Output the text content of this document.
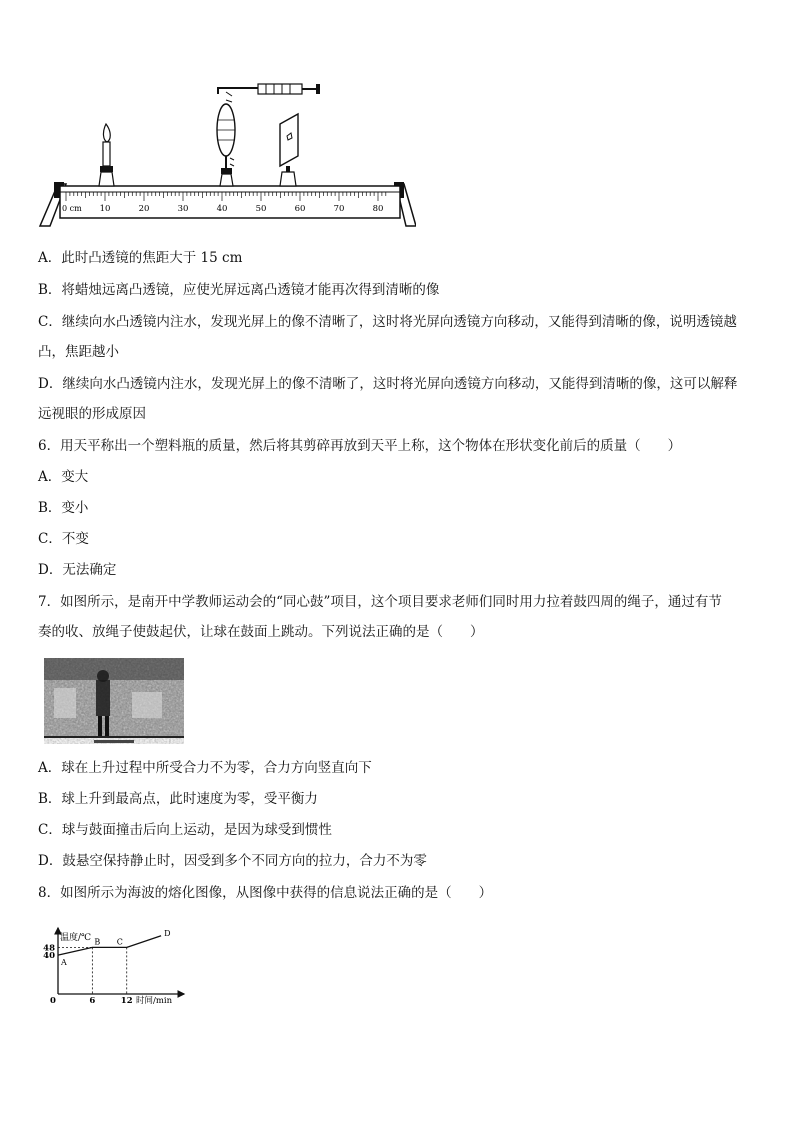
10	20	30	40	50	60	70	80
0 cm
A．此时凸透镜的焦距大于 15 cm
B．将蜡烛远离凸透镜，应使光屏远离凸透镜才能再次得到清晰的像
C．继续向水凸透镜内注水，发现光屏上的像不清晰了，这时将光屏向透镜方向移动，又能得到清晰的像，说明透镜越
凸，焦距越小
D．继续向水凸透镜内注水，发现光屏上的像不清晰了，这时将光屏向透镜方向移动，又能得到清晰的像，这可以解释
远视眼的形成原因
6．用天平称出一个塑料瓶的质量，然后将其剪碎再放到天平上称，这个物体在形状变化前后的质量（　　）
A．变大
B．变小
C．不变
D．无法确定
7．如图所示，是南开中学教师运动会的“同心鼓”项目，这个项目要求老师们同时用力拉着鼓四周的绳子，通过有节
奏的收、放绳子使鼓起伏，让球在鼓面上跳动。下列说法正确的是（　　）
A．球在上升过程中所受合力不为零，合力方向竖直向下
B．球上升到最高点，此时速度为零，受平衡力
C．球与鼓面撞击后向上运动，是因为球受到惯性
D．鼓悬空保持静止时，因受到多个不同方向的拉力，合力不为零
8．如图所示为海波的熔化图像，从图像中获得的信息说法正确的是（　　）
温度/℃
时间/min
A
B C
D
40
48
0	6	12
